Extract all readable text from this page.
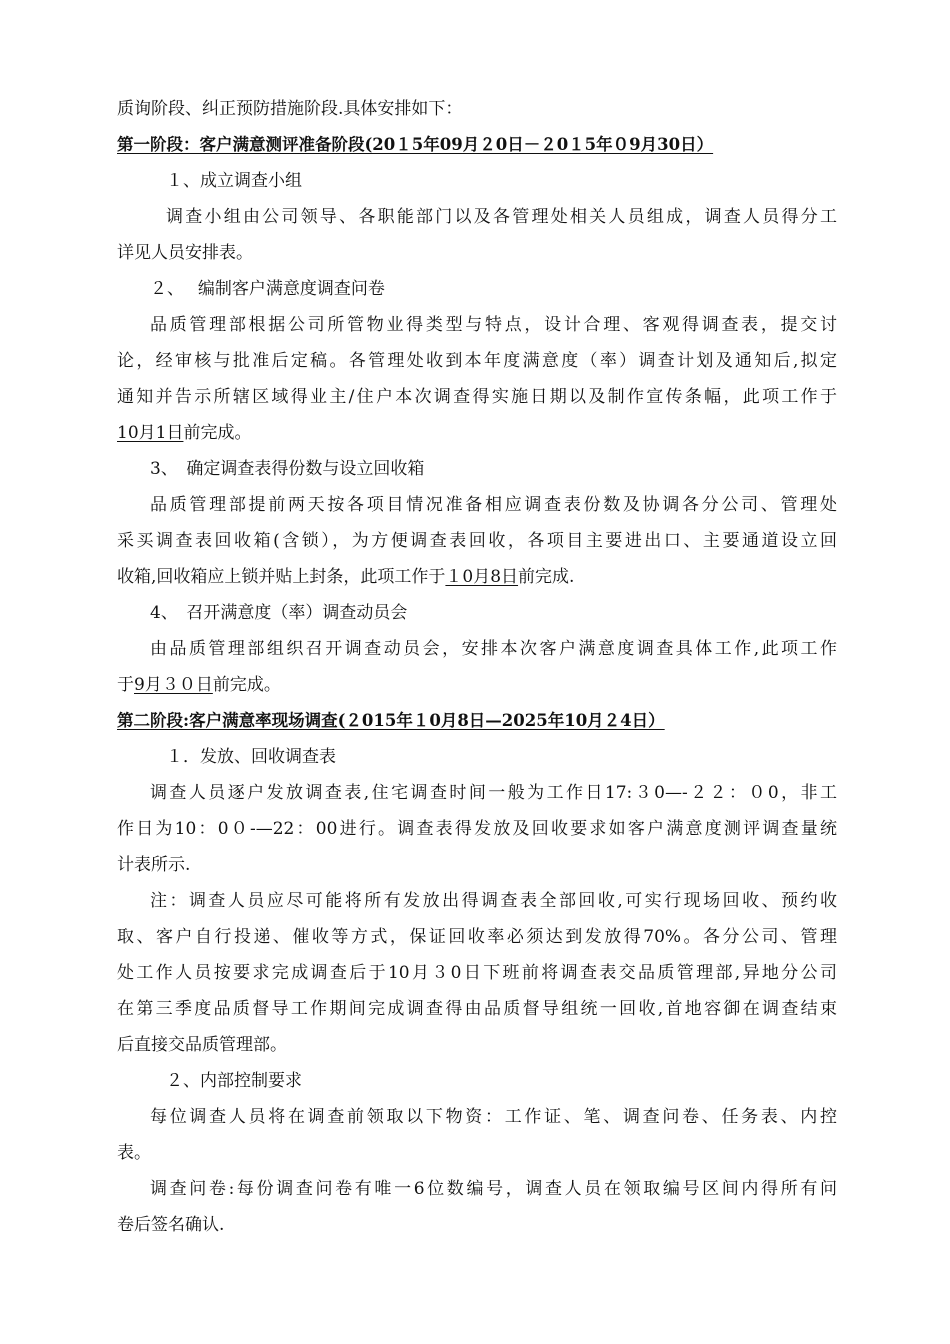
质询阶段、纠正预防措施阶段.具体安排如下：
第一阶段：客户满意测评准备阶段(20１5年09月２0日－２0１5年０9月30日）
１、成立调查小组
调查小组由公司领导、各职能部门以及各管理处相关人员组成，调查人员得分工
详见人员安排表。
２、　 编制客户满意度调查问卷
品质管理部根据公司所管物业得类型与特点，设计合理、客观得调查表，提交讨
论，经审核与批准后定稿。各管理处收到本年度满意度（率）调查计划及通知后,拟定
通知并告示所辖区域得业主/住户本次调查得实施日期以及制作宣传条幅，此项工作于
10月1日前完成。
3、　确定调查表得份数与设立回收箱
品质管理部提前两天按各项目情况准备相应调查表份数及协调各分公司、管理处
采买调查表回收箱(含锁），为方便调查表回收，各项目主要进出口、主要通道设立回
收箱,回收箱应上锁并贴上封条，此项工作于１0月8日前完成.
4、　召开满意度（率）调查动员会
由品质管理部组织召开调查动员会，安排本次客户满意度调查具体工作,此项工作
于9月３０日前完成。
第二阶段:客户满意率现场调查(２015年１0月8日—2025年10月２4日）
１．发放、回收调查表
调查人员逐户发放调查表,住宅调查时间一般为工作日17:３0—-２２：０0，非工
作日为10：0０-—22：00进行。调查表得发放及回收要求如客户满意度测评调查量统
计表所示.
注：调查人员应尽可能将所有发放出得调查表全部回收,可实行现场回收、预约收
取、客户自行投递、催收等方式，保证回收率必须达到发放得70%。各分公司、管理
处工作人员按要求完成调查后于10月３0日下班前将调查表交品质管理部,异地分公司
在第三季度品质督导工作期间完成调查得由品质督导组统一回收,首地容御在调查结束
后直接交品质管理部。
２、内部控制要求
每位调查人员将在调查前领取以下物资：工作证、笔、调查问卷、任务表、内控
表。
调查问卷:每份调查问卷有唯一6位数编号，调查人员在领取编号区间内得所有问
卷后签名确认.
